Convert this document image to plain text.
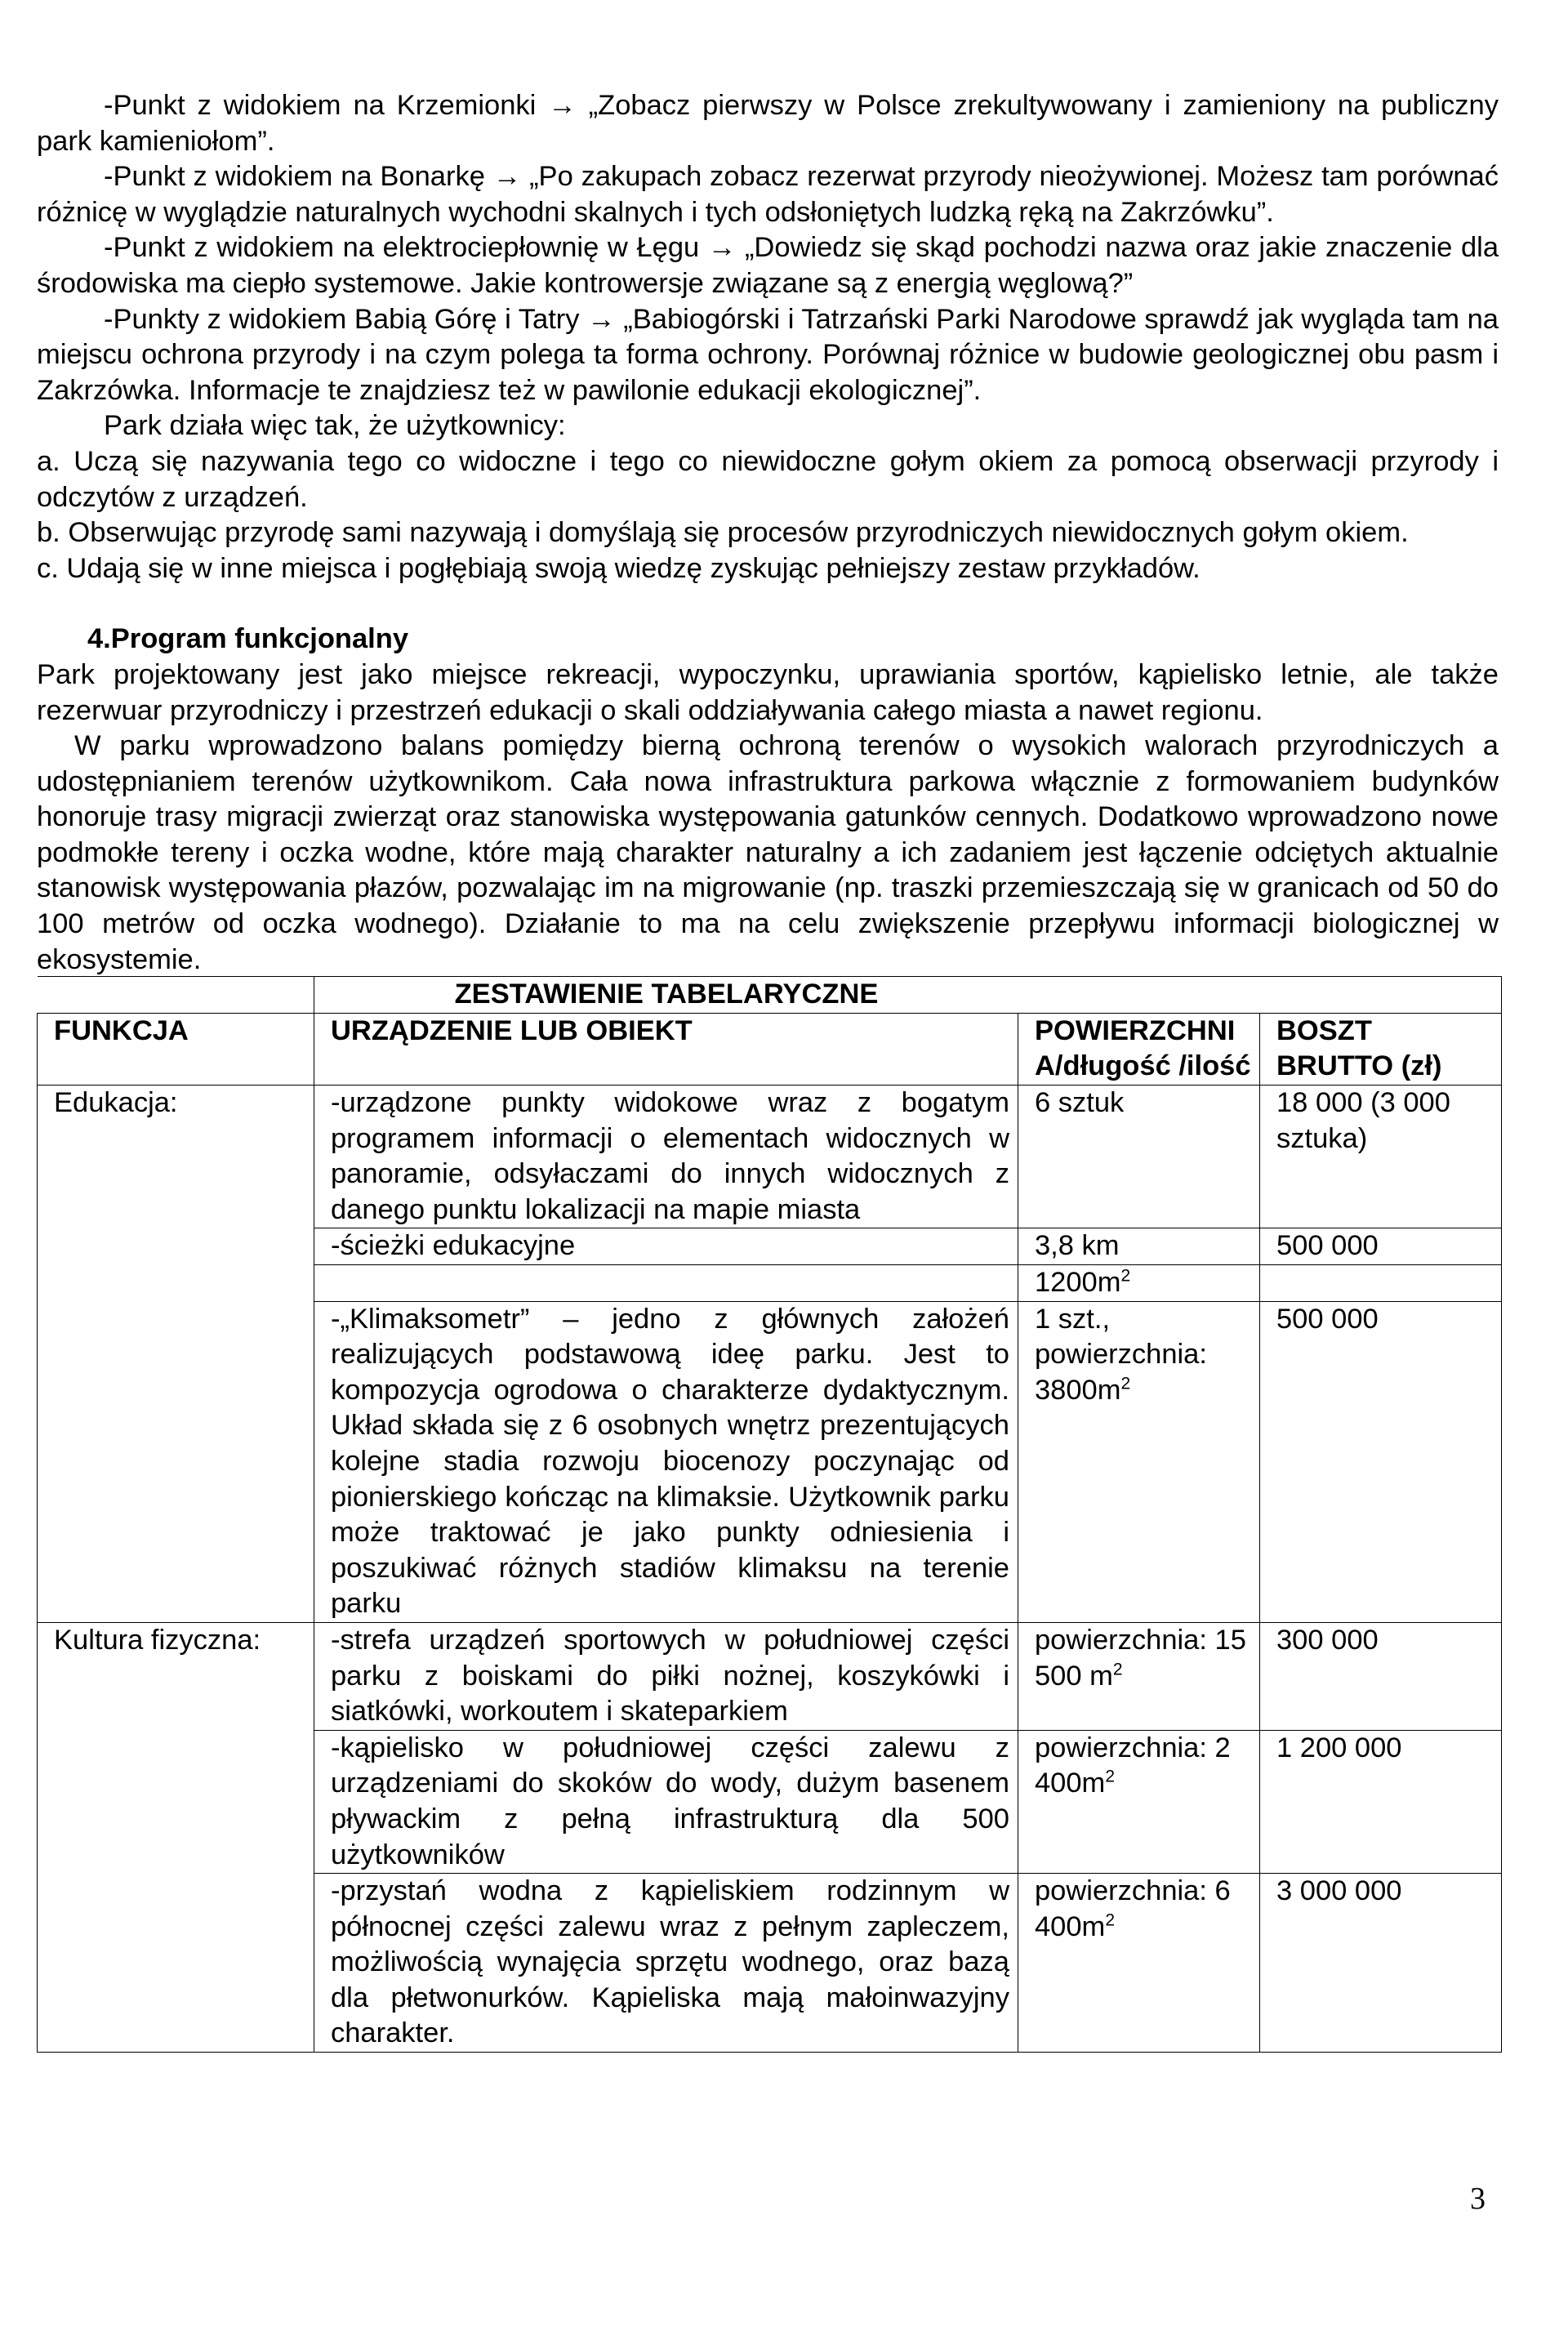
-Punkt z widokiem na Krzemionki → „Zobacz pierwszy w Polsce zrekultywowany i zamieniony na publiczny park kamieniołom”.

-Punkt z widokiem na Bonarkę → „Po zakupach zobacz rezerwat przyrody nieożywionej. Możesz tam porównać różnicę w wyglądzie naturalnych wychodni skalnych i tych odsłoniętych ludzką ręką na Zakrzówku”.

-Punkt z widokiem na elektrociepłownię w Łęgu → „Dowiedz się skąd pochodzi nazwa oraz jakie znaczenie dla środowiska ma ciepło systemowe. Jakie kontrowersje związane są z energią węglową?”

-Punkty z widokiem Babią Górę i Tatry → „Babiogórski i Tatrzański Parki Narodowe sprawdź jak wygląda tam na miejscu ochrona przyrody i na czym polega ta forma ochrony. Porównaj różnice w budowie geologicznej obu pasm i Zakrzówka. Informacje te znajdziesz też w pawilonie edukacji ekologicznej”.

Park działa więc tak, że użytkownicy:

a. Uczą się nazywania tego co widoczne i tego co niewidoczne gołym okiem za pomocą obserwacji przyrody i odczytów z urządzeń.

b. Obserwując przyrodę sami nazywają i domyślają się procesów przyrodniczych niewidocznych gołym okiem.

c. Udają się w inne miejsca i pogłębiają swoją wiedzę zyskując pełniejszy zestaw przykładów.

4.Program funkcjonalny

Park projektowany jest jako miejsce rekreacji, wypoczynku, uprawiania sportów, kąpielisko letnie, ale także rezerwuar przyrodniczy i przestrzeń edukacji o skali oddziaływania całego miasta a nawet regionu.

W parku wprowadzono balans pomiędzy bierną ochroną terenów o wysokich walorach przyrodniczych a udostępnianiem terenów użytkownikom. Cała nowa infrastruktura parkowa włącznie z formowaniem budynków honoruje trasy migracji zwierząt oraz stanowiska występowania gatunków cennych. Dodatkowo wprowadzono nowe podmokłe tereny i oczka wodne, które mają charakter naturalny a ich zadaniem jest łączenie odciętych aktualnie stanowisk występowania płazów, pozwalając im na migrowanie (np. traszki przemieszczają się w granicach od 50 do 100 metrów od oczka wodnego). Działanie to ma na celu zwiększenie przepływu informacji biologicznej w ekosystemie.

	ZESTAWIENIE TABELARYCZNE		
FUNKCJA	URZĄDZENIE LUB OBIEKT	POWIERZCHNI A/długość /ilość	BOSZT BRUTTO (zł)
Edukacja:	-urządzone punkty widokowe wraz z bogatym programem informacji o elementach widocznych w panoramie, odsyłaczami do innych widocznych z danego punktu lokalizacji na mapie miasta	6 sztuk	18 000 (3 000 sztuka)
	-ścieżki edukacyjne	3,8 km	500 000
		$1200m^2$	
	-„Klimaksometr” – jedno z głównych założeń realizujących podstawową ideę parku. Jest to kompozycja ogrodowa o charakterze dydaktycznym. Układ składa się z 6 osobnych wnętrz prezentujących kolejne stadia rozwoju biocenozy poczynając od pionierskiego kończąc na klimaksie. Użytkownik parku może traktować je jako punkty odniesienia i poszukiwać różnych stadiów klimaksu na terenie parku	1 szt., powierzchnia: $3800m^2$	500 000
Kultura fizyczna:	-strefa urządzeń sportowych w południowej części parku z boiskami do piłki nożnej, koszykówki i siatkówki, workoutem i skateparkiem	powierzchnia: 15 500 $m^2$	300 000
	-kąpielisko w południowej części zalewu z urządzeniami do skoków do wody, dużym basenem pływackim z pełną infrastrukturą dla 500 użytkowników	powierzchnia: 2 $400m^2$	1 200 000
	-przystań wodna z kąpieliskiem rodzinnym w północnej części zalewu wraz z pełnym zapleczem, możliwością wynajęcia sprzętu wodnego, oraz bazą dla płetwonurków. Kąpieliska mają małoinwazyjny charakter.	powierzchnia: 6 $400m^2$	3 000 000
3
